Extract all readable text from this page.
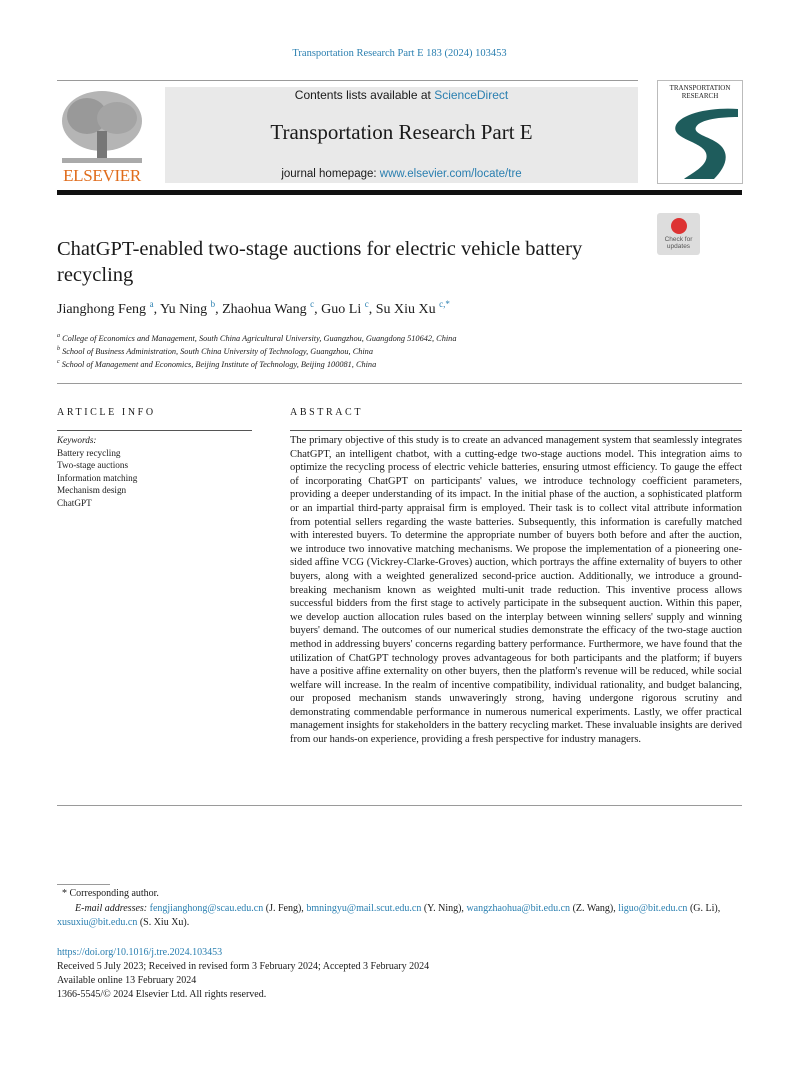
Transportation Research Part E 183 (2024) 103453
ELSEVIER
Contents lists available at ScienceDirect
Transportation Research Part E
journal homepage: www.elsevier.com/locate/tre
TRANSPORTATION RESEARCH
Check for updates
ChatGPT-enabled two-stage auctions for electric vehicle battery recycling
Jianghong Feng $^a$, Yu Ning $^b$, Zhaohua Wang $^c$, Guo Li $^c$, Su Xiu Xu $^{c,*}$
$^a$ College of Economics and Management, South China Agricultural University, Guangzhou, Guangdong 510642, China
$^b$ School of Business Administration, South China University of Technology, Guangzhou, China
$^c$ School of Management and Economics, Beijing Institute of Technology, Beijing 100081, China
ARTICLE INFO	ABSTRACT
Keywords:
Battery recycling
Two-stage auctions
Information matching
Mechanism design
ChatGPT
The primary objective of this study is to create an advanced management system that seamlessly integrates ChatGPT, an intelligent chatbot, with a cutting-edge two-stage auctions model. This integration aims to optimize the recycling process of electric vehicle batteries, ensuring utmost efficiency. To gauge the effect of incorporating ChatGPT on participants' values, we introduce technology coefficient parameters, providing a deeper understanding of its impact. In the initial phase of the auction, a sophisticated platform or an impartial third-party appraisal firm is employed. Their task is to collect vital attribute information from potential sellers regarding the waste batteries. Subsequently, this information is carefully matched with interested buyers. To determine the appropriate number of buyers both before and after the auction, we introduce two innovative matching mechanisms. We propose the implementation of a pioneering one-sided affine VCG (Vickrey-Clarke-Groves) auction, which portrays the affine externality of buyers to other buyers, along with a weighted generalized second-price auction. Additionally, we introduce a ground-breaking mechanism known as weighted multi-unit trade reduction. This inventive process allows successful bidders from the first stage to actively participate in the subsequent auction. Within this paper, we develop auction allocation rules based on the interplay between winning sellers' supply and winning buyers' demand. The outcomes of our numerical studies demonstrate the efficacy of the two-stage auction method in addressing buyers' concerns regarding battery performance. Furthermore, we have found that the utilization of ChatGPT technology proves advantageous for both participants and the platform; if buyers have a positive affine externality on other buyers, then the platform's revenue will be reduced, while social welfare will increase. In the realm of incentive compatibility, individual rationality, and budget balancing, our proposed mechanism stands unwaveringly strong, having undergone rigorous scrutiny and demonstrating commendable performance in numerous numerical experiments. Lastly, we offer practical management insights for stakeholders in the battery recycling market. These invaluable insights are derived from our hands-on experience, providing a fresh perspective for industry managers.
* Corresponding author.
E-mail addresses: fengjianghong@scau.edu.cn (J. Feng), bmningyu@mail.scut.edu.cn (Y. Ning), wangzhaohua@bit.edu.cn (Z. Wang), liguo@bit.edu.cn (G. Li), xusuxiu@bit.edu.cn (S. Xiu Xu).
https://doi.org/10.1016/j.tre.2024.103453
Received 5 July 2023; Received in revised form 3 February 2024; Accepted 3 February 2024
Available online 13 February 2024
1366-5545/© 2024 Elsevier Ltd. All rights reserved.
